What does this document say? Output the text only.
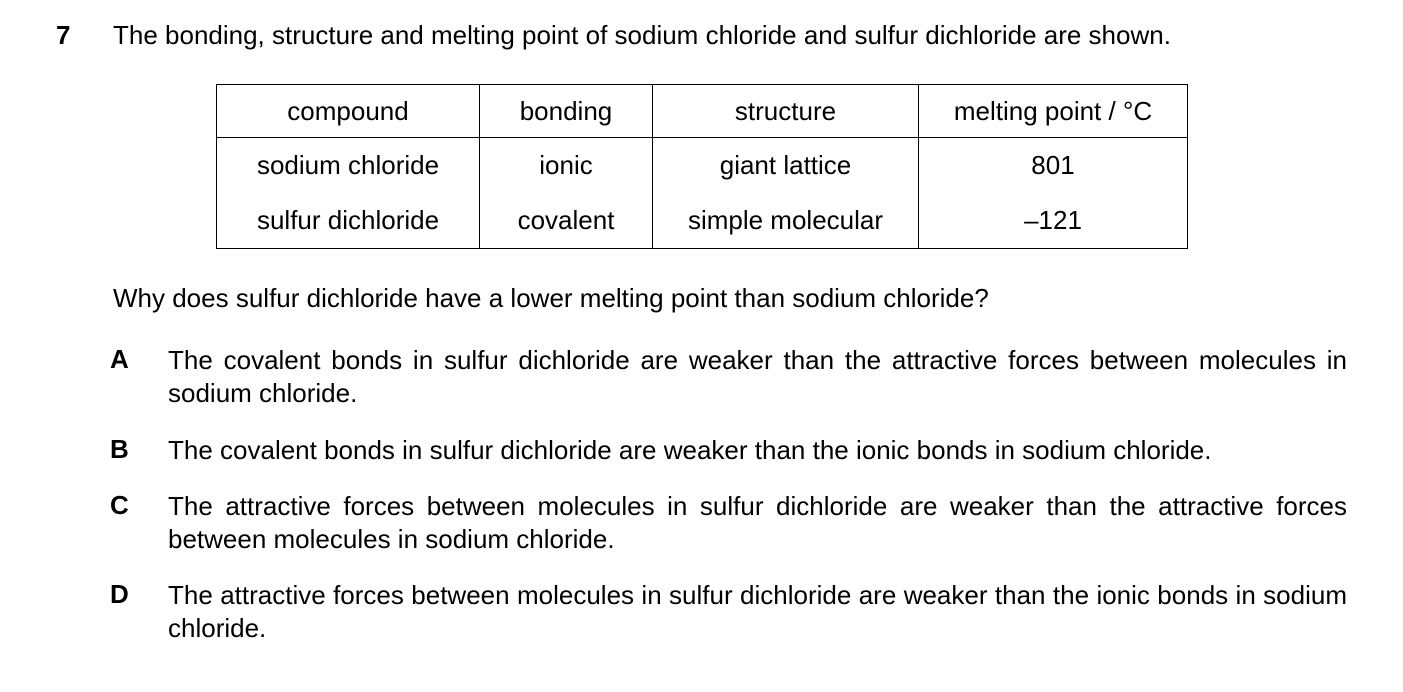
7 The bonding, structure and melting point of sodium chloride and sulfur dichloride are shown.
compound	bonding	structure	melting point / °C
sodium chloride	ionic	giant lattice	801
sulfur dichloride	covalent	simple molecular	–121
Why does sulfur dichloride have a lower melting point than sodium chloride?
A The covalent bonds in sulfur dichloride are weaker than the attractive forces between molecules in sodium chloride.
B The covalent bonds in sulfur dichloride are weaker than the ionic bonds in sodium chloride.
C The attractive forces between molecules in sulfur dichloride are weaker than the attractive forces between molecules in sodium chloride.
D The attractive forces between molecules in sulfur dichloride are weaker than the ionic bonds in sodium chloride.
